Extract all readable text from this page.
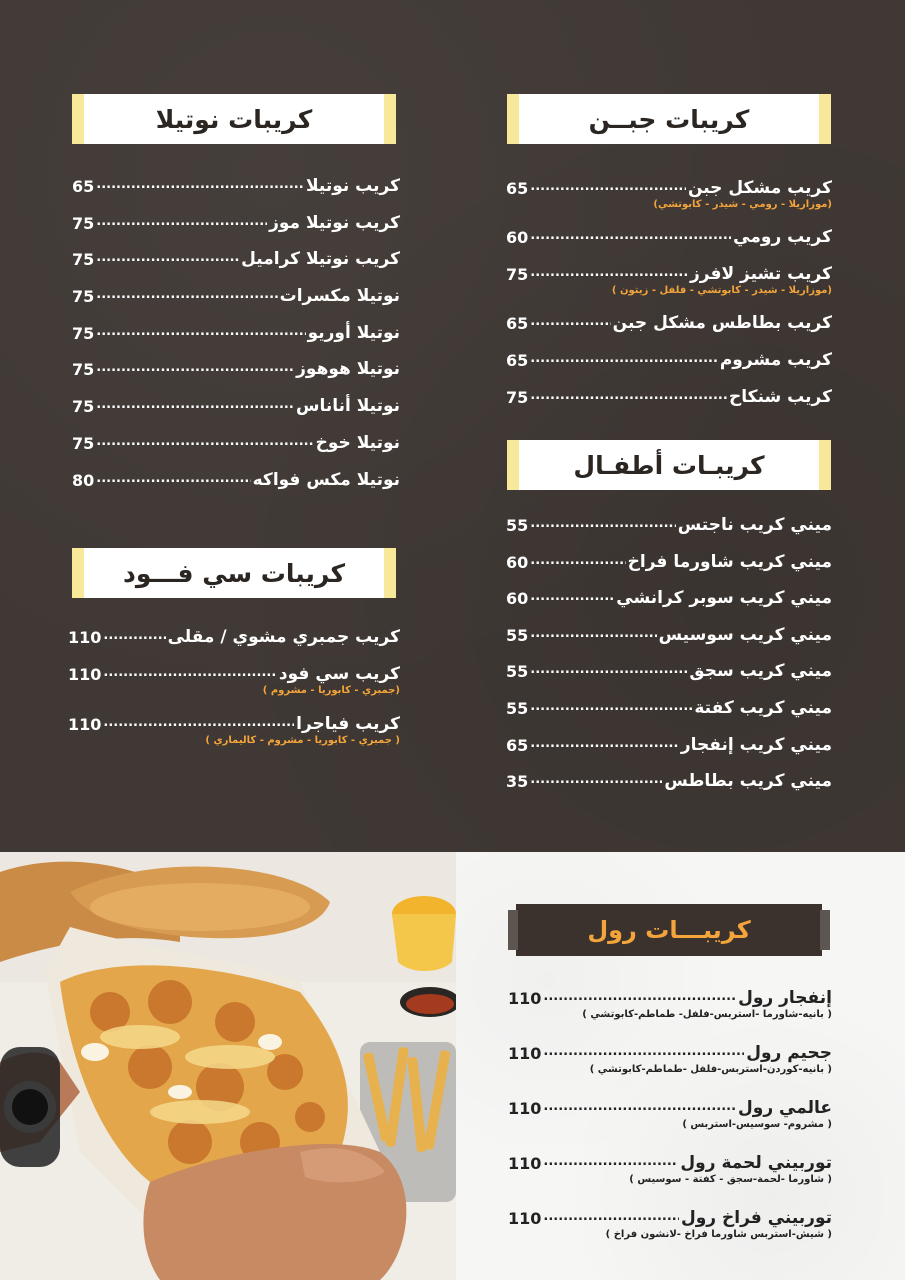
كريبات جبــن
كريب مشكل جبن
.....
65
(موزاريلا - رومي - شيدر - كابوتشي)
كريب رومي
.....
60
كريب تشيز لافرز
.....
75
(موزاريلا - شيدر - كابوتشي - فلفل - زيتون )
كريب بطاطس مشكل جبن
.....
65
كريب مشروم
.....
65
كريب شنكاح
.....
75
كريبـات أطفـال
ميني كريب ناجتس
.....
55
ميني كريب شاورما فراخ
.....
60
ميني كريب سوبر كرانشي
.....
60
ميني كريب سوسيس
.....
55
ميني كريب سجق
.....
55
ميني كريب كفتة
.....
55
ميني كريب إنفجار
.....
65
ميني كريب بطاطس
.....
35
كريبات نوتيلا
كريب نوتيلا
.....
65
كريب نوتيلا موز
.....
75
كريب نوتيلا كراميل
.....
75
نوتيلا مكسرات
.....
75
نوتيلا أوريو
.....
75
نوتيلا هوهوز
.....
75
نوتيلا أناناس
.....
75
نوتيلا خوخ
.....
75
نوتيلا مكس فواكه
.....
80
كريبات سي فـــود
كريب جمبري مشوي / مقلى
.....
110
كريب سي فود
.....
110
(جمبري - كابوريا - مشروم )
كريب فياجرا
.....
110
( جمبري - كابوريا - مشروم - كاليماري )
كريبـــات رول
إنفجار رول
.....
110
( بانيه-شاورما -استربس-فلفل- طماطم-كابوتشي )
جحيم رول
.....
110
( بانيه-كوردن-استربس-فلفل -طماطم-كابوتشي )
عالمي رول
.....
110
( مشروم- سوسيس-استربس )
توربيني لحمة رول
.....
110
( شاورما -لحمة-سجق - كفتة - سوسيس )
توربيني فراخ رول
.....
110
( شيش-استربس شاورما فراخ -لانشون فراخ )
